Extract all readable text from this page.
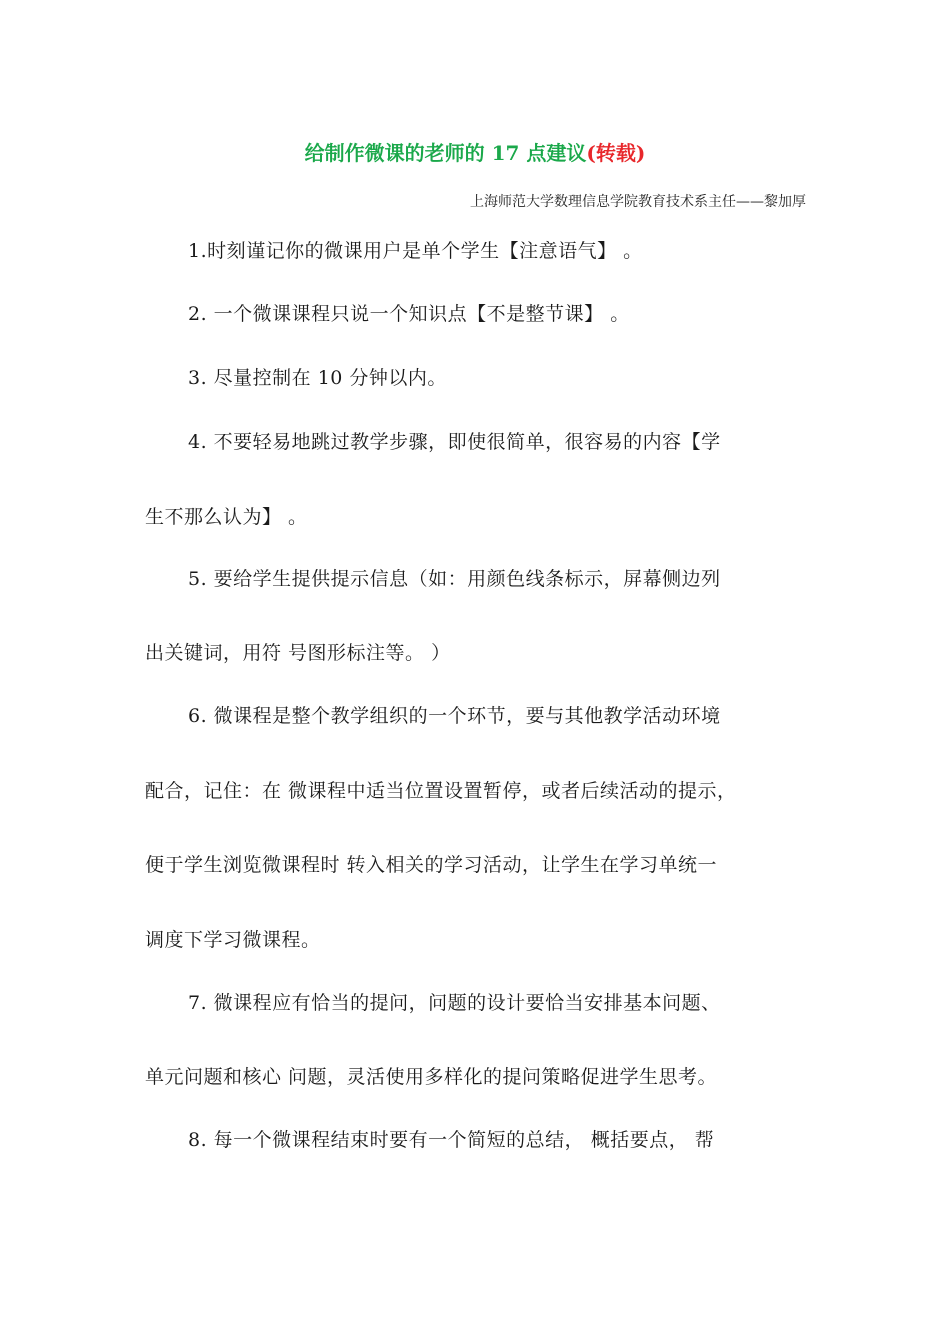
给制作微课的老师的 17 点建议(转载)
上海师范大学数理信息学院教育技术系主任——黎加厚
1.时刻谨记你的微课用户是单个学生【注意语气】 。
2. 一个微课课程只说一个知识点【不是整节课】 。
3. 尽量控制在 10 分钟以内。
4. 不要轻易地跳过教学步骤，即使很简单，很容易的内容【学
生不那么认为】 。
5. 要给学生提供提示信息（如：用颜色线条标示，屏幕侧边列
出关键词，用符 号图形标注等。 ）
6. 微课程是整个教学组织的一个环节，要与其他教学活动环境
配合，记住：在 微课程中适当位置设置暂停，或者后续活动的提示，
便于学生浏览微课程时 转入相关的学习活动，让学生在学习单统一
调度下学习微课程。
7. 微课程应有恰当的提问，问题的设计要恰当安排基本问题、
单元问题和核心 问题，灵活使用多样化的提问策略促进学生思考。
8. 每一个微课程结束时要有一个简短的总结， 概括要点， 帮
